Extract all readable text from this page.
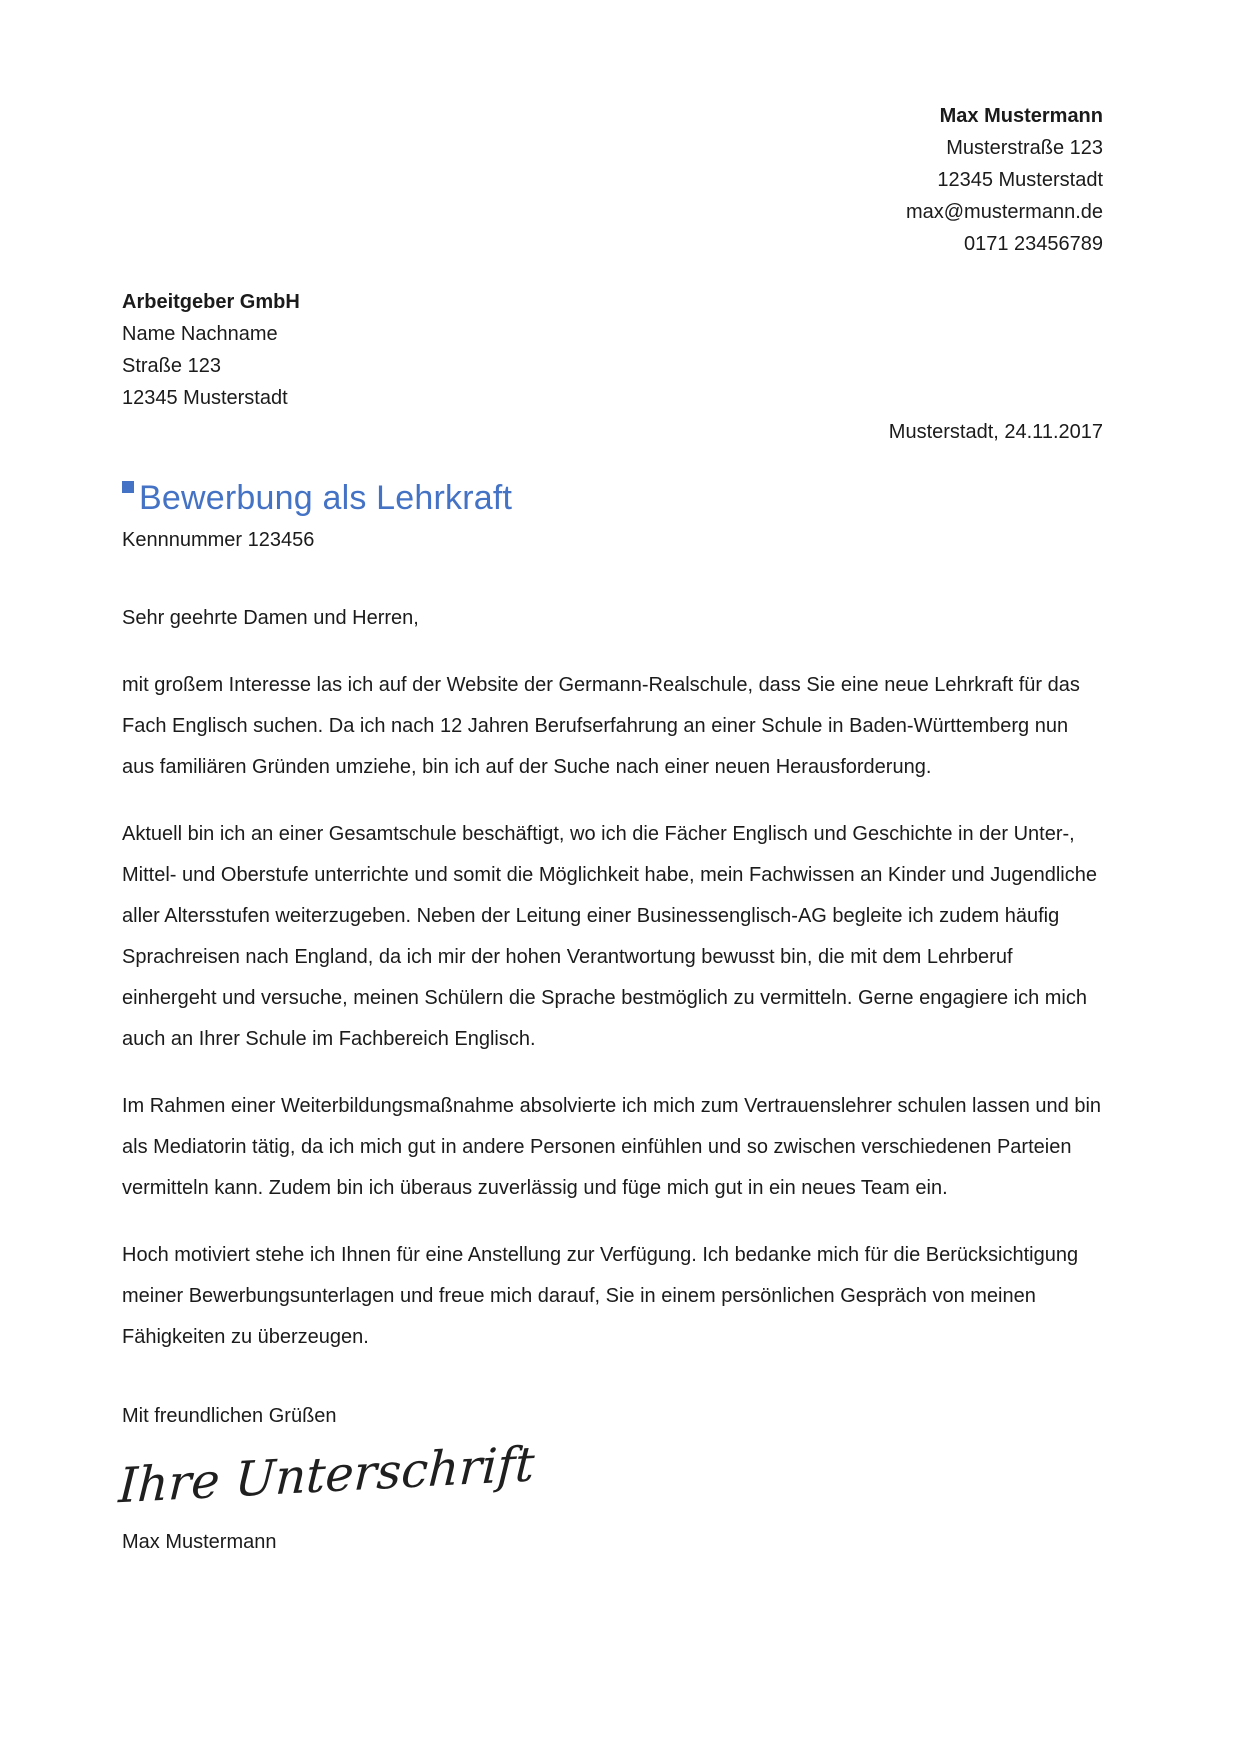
Max Mustermann
Musterstraße 123
12345 Musterstadt
max@mustermann.de
0171 23456789
Arbeitgeber GmbH
Name Nachname
Straße 123
12345 Musterstadt
Musterstadt, 24.11.2017
Bewerbung als Lehrkraft
Kennnummer 123456
Sehr geehrte Damen und Herren,

mit großem Interesse las ich auf der Website der Germann-Realschule, dass Sie eine neue Lehrkraft für das Fach Englisch suchen. Da ich nach 12 Jahren Berufserfahrung an einer Schule in Baden-Württemberg nun aus familiären Gründen umziehe, bin ich auf der Suche nach einer neuen Herausforderung.

Aktuell bin ich an einer Gesamtschule beschäftigt, wo ich die Fächer Englisch und Geschichte in der Unter-, Mittel- und Oberstufe unterrichte und somit die Möglichkeit habe, mein Fachwissen an Kinder und Jugendliche aller Altersstufen weiterzugeben. Neben der Leitung einer Businessenglisch-AG begleite ich zudem häufig Sprachreisen nach England, da ich mir der hohen Verantwortung bewusst bin, die mit dem Lehrberuf einhergeht und versuche, meinen Schülern die Sprache bestmöglich zu vermitteln. Gerne engagiere ich mich auch an Ihrer Schule im Fachbereich Englisch.

Im Rahmen einer Weiterbildungsmaßnahme absolvierte ich mich zum Vertrauenslehrer schulen lassen und bin als Mediatorin tätig, da ich mich gut in andere Personen einfühlen und so zwischen verschiedenen Parteien vermitteln kann. Zudem bin ich überaus zuverlässig und füge mich gut in ein neues Team ein.

Hoch motiviert stehe ich Ihnen für eine Anstellung zur Verfügung. Ich bedanke mich für die Berücksichtigung meiner Bewerbungsunterlagen und freue mich darauf, Sie in einem persönlichen Gespräch von meinen Fähigkeiten zu überzeugen.

Mit freundlichen Grüßen
Ihre Unterschrift
Max Mustermann
